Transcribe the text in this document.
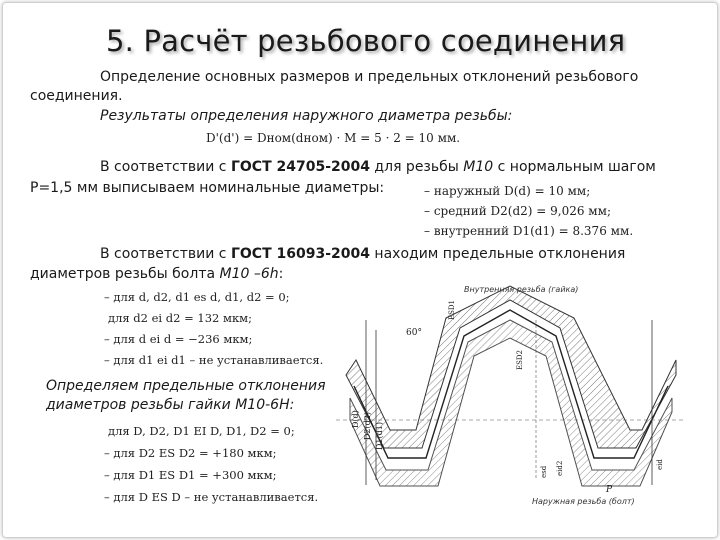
5. Расчёт резьбового соединения
Определение основных размеров и предельных отклонений резьбового
соединения.
Результаты определения наружного диаметра резьбы:
D'(d') = Dном(dном) · M = 5 · 2 = 10 мм.
В соответствии с ГОСТ 24705-2004 для резьбы М10 с нормальным шагом
P=1,5 мм выписываем номинальные диаметры:	– наружный D(d) = 10 мм;
– средний D2(d2) = 9,026 мм;
– внутренний D1(d1) = 8.376 мм.
В соответствии с ГОСТ 16093-2004 находим предельные отклонения
диаметров резьбы болта М10 –6h:
– для d, d2, d1 es d, d1, d2 = 0;
для d2 ei d2 = 132 мкм;
– для d ei d = −236 мкм;
– для d1 ei d1 – не устанавливается.
Определяем предельные отклонения
диаметров резьбы гайки М10-6H:
для D, D2, D1 EI D, D1, D2 = 0;
– для D2 ES D2 = +180 мкм;
– для D1 ES D1 = +300 мкм;
– для D ES D – не устанавливается.
Внутренняя резьба (гайка)
60°
D(d) D2(d2) D1(d1)
ESD1
ESD2
esd eid2	eid
P
Наружная резьба (болт)
